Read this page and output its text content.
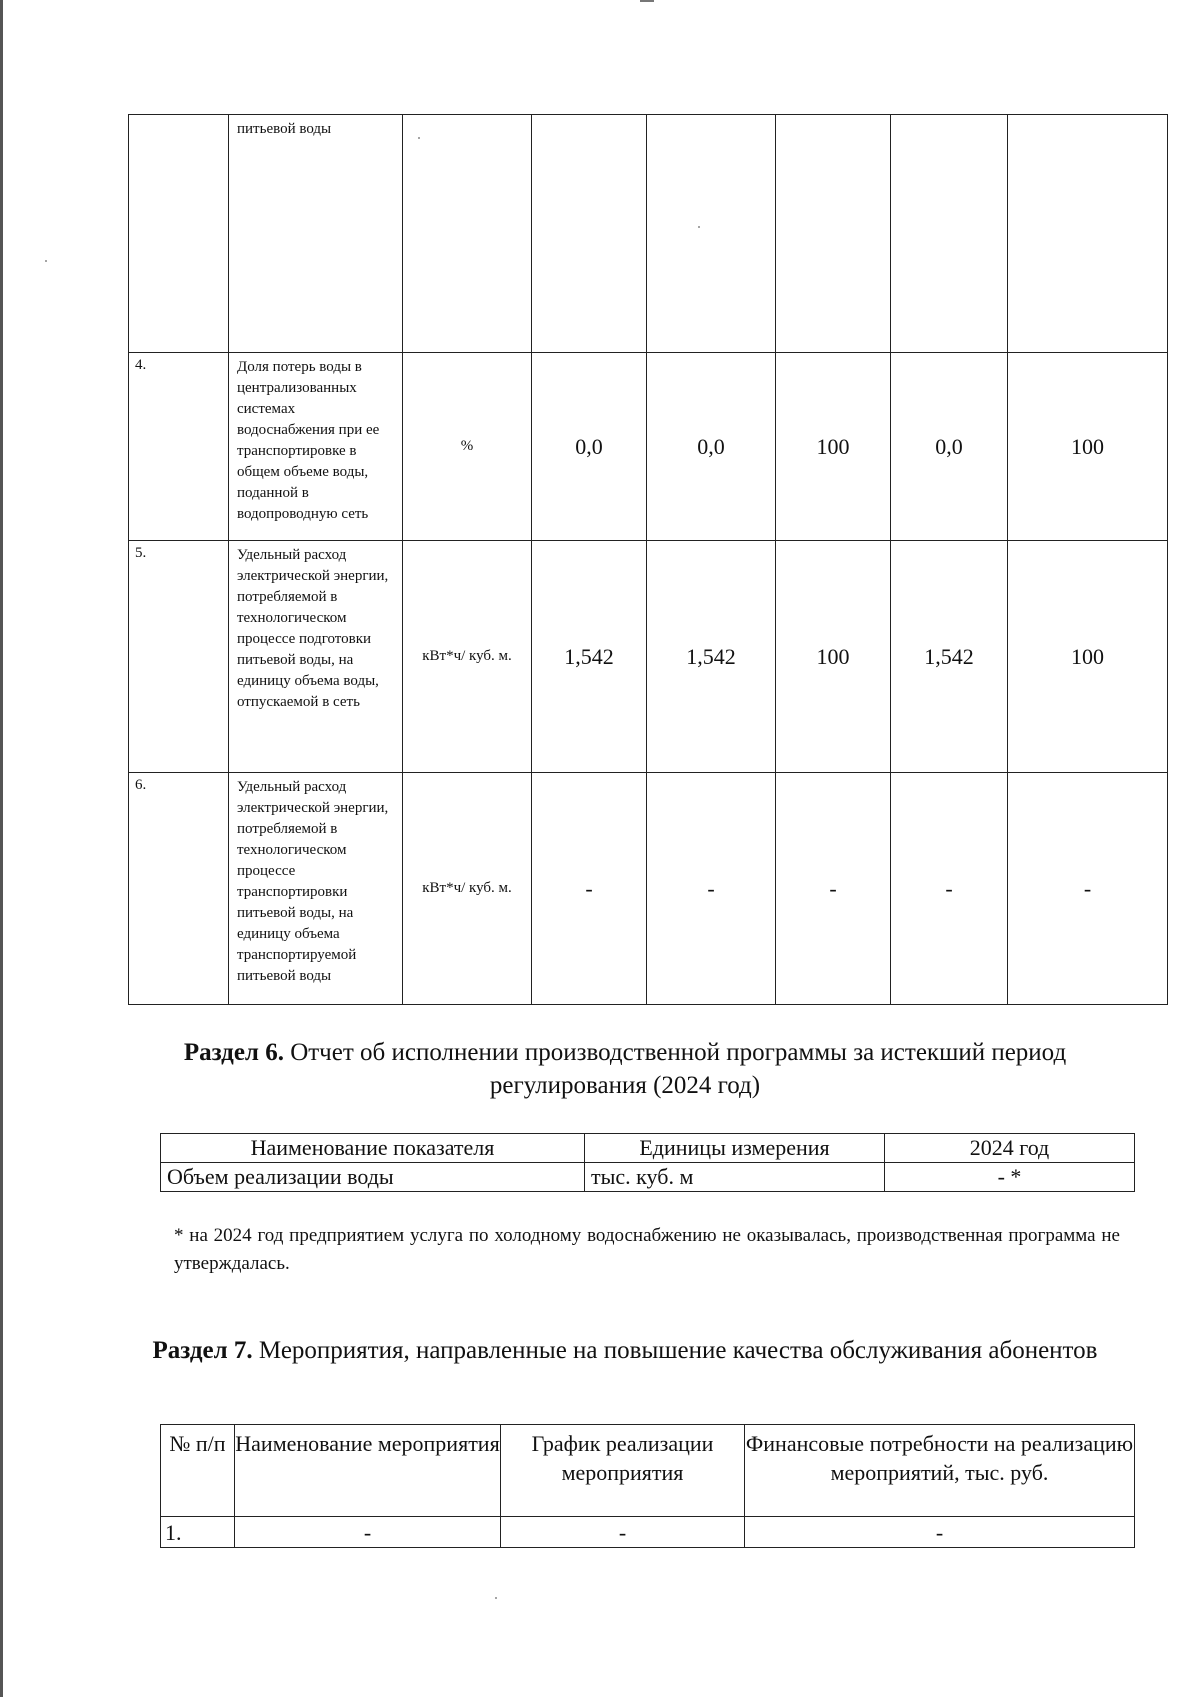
	питьевой воды						
4.	Доля потерь воды в централизованных системах водоснабжения при ее транспортировке в общем объеме воды, поданной в водопроводную сеть	%	0,0	0,0	100	0,0	100
5.	Удельный расход электрической энергии, потребляемой в технологическом процессе подготовки питьевой воды, на единицу объема воды, отпускаемой в сеть	кВт*ч/ куб. м.	1,542	1,542	100	1,542	100
6.	Удельный расход электрической энергии, потребляемой в технологическом процессе транспортировки питьевой воды, на единицу объема транспортируемой питьевой воды	кВт*ч/ куб. м.	-	-	-	-	-
Раздел 6. Отчет об исполнении производственной программы за истекший период регулирования (2024 год)
Наименование показателя	Единицы измерения	2024 год
Объем реализации воды	тыс. куб. м	- *
* на 2024 год предприятием услуга по холодному водоснабжению не оказывалась, производственная программа не утверждалась.
Раздел 7. Мероприятия, направленные на повышение качества обслуживания абонентов
№ п/п	Наименование мероприятия	График реализации мероприятия	Финансовые потребности на реализацию мероприятий, тыс. руб.
1.	-	-	-
